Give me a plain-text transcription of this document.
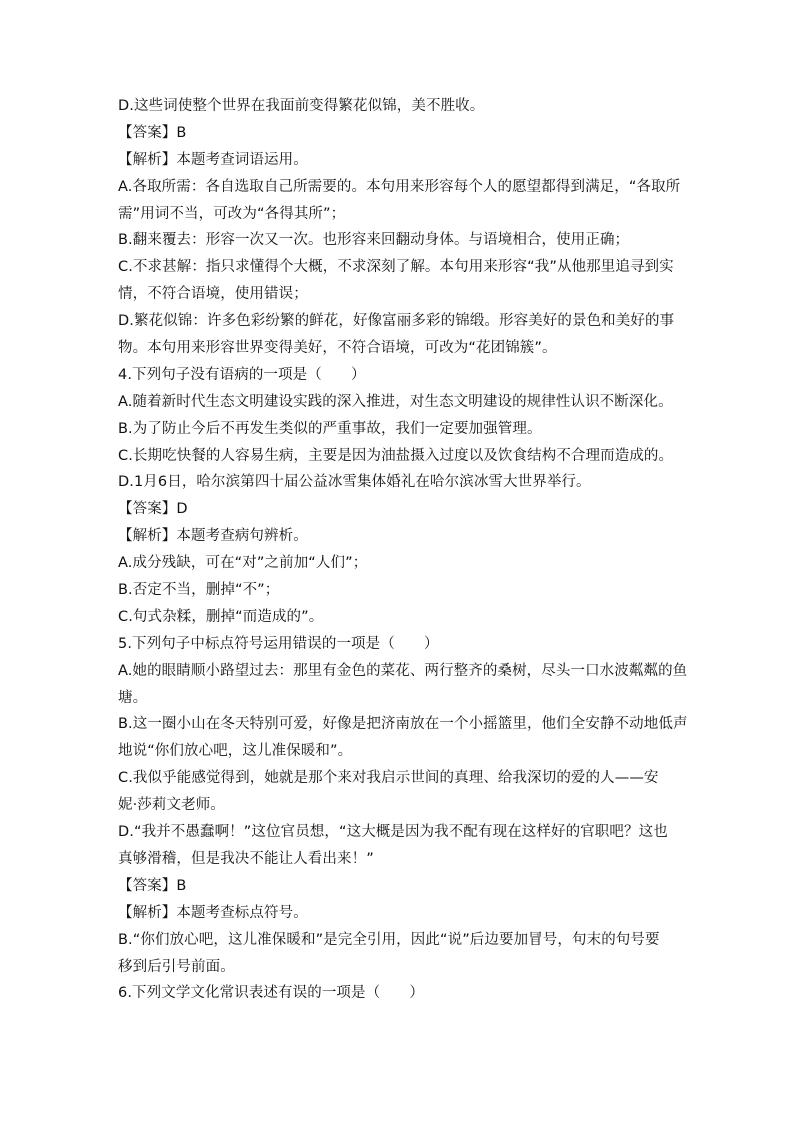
D.这些词使整个世界在我面前变得繁花似锦，美不胜收。
【答案】B
【解析】本题考查词语运用。
A.各取所需：各自选取自己所需要的。本句用来形容每个人的愿望都得到满足，“各取所
需”用词不当，可改为“各得其所”；
B.翻来覆去：形容一次又一次。也形容来回翻动身体。与语境相合，使用正确；
C.不求甚解：指只求懂得个大概，不求深刻了解。本句用来形容“我”从他那里追寻到实
情，不符合语境，使用错误；
D.繁花似锦：许多色彩纷繁的鲜花，好像富丽多彩的锦缎。形容美好的景色和美好的事
物。本句用来形容世界变得美好，不符合语境，可改为“花团锦簇”。
4.下列句子没有语病的一项是（　　）
A.随着新时代生态文明建设实践的深入推进，对生态文明建设的规律性认识不断深化。
B.为了防止今后不再发生类似的严重事故，我们一定要加强管理。
C.长期吃快餐的人容易生病，主要是因为油盐摄入过度以及饮食结构不合理而造成的。
D.1月6日，哈尔滨第四十届公益冰雪集体婚礼在哈尔滨冰雪大世界举行。
【答案】D
【解析】本题考查病句辨析。
A.成分残缺，可在“对”之前加“人们”；
B.否定不当，删掉“不”；
C.句式杂糅，删掉“而造成的”。
5.下列句子中标点符号运用错误的一项是（　　）
A.她的眼睛顺小路望过去：那里有金色的菜花、两行整齐的桑树，尽头一口水波粼粼的鱼
塘。
B.这一圈小山在冬天特别可爱，好像是把济南放在一个小摇篮里，他们全安静不动地低声
地说“你们放心吧，这儿准保暖和”。
C.我似乎能感觉得到，她就是那个来对我启示世间的真理、给我深切的爱的人——安
妮·莎莉文老师。
D.“我并不愚蠢啊！”这位官员想，“这大概是因为我不配有现在这样好的官职吧？这也
真够滑稽，但是我决不能让人看出来！”
【答案】B
【解析】本题考查标点符号。
B.“你们放心吧，这儿准保暖和”是完全引用，因此“说”后边要加冒号，句末的句号要
移到后引号前面。
6.下列文学文化常识表述有误的一项是（　　）
